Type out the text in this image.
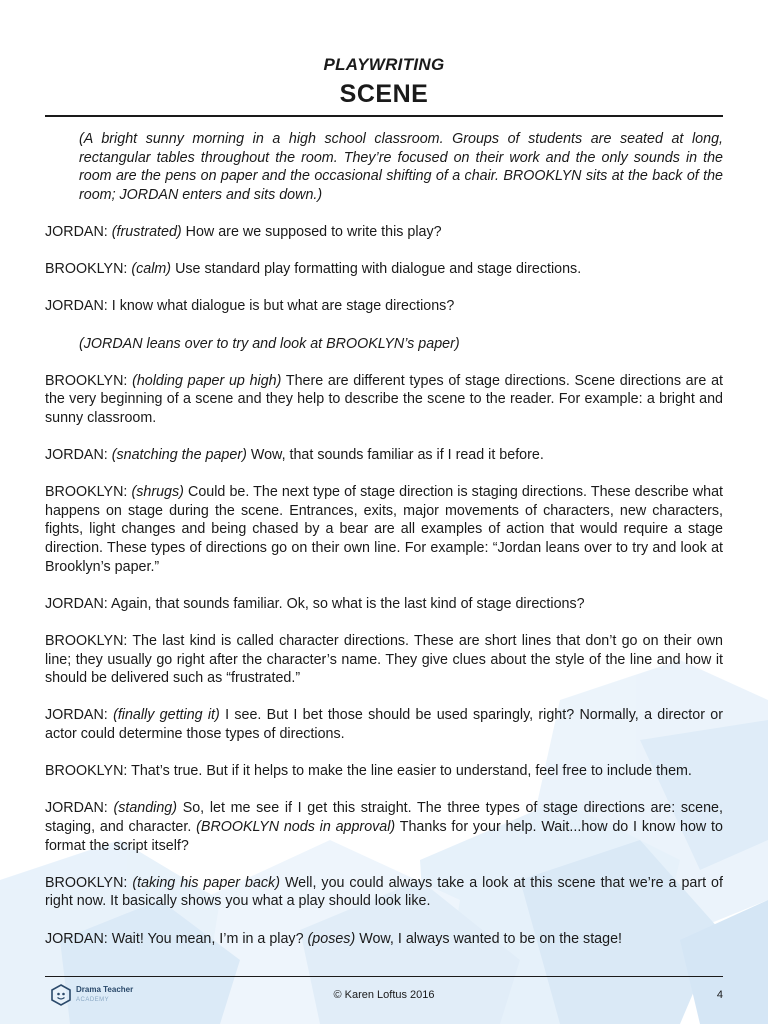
PLAYWRITING
SCENE

(A bright sunny morning in a high school classroom. Groups of students are seated at long, rectangular tables throughout the room. They’re focused on their work and the only sounds in the room are the pens on paper and the occasional shifting of a chair. BROOKLYN sits at the back of the room; JORDAN enters and sits down.)

JORDAN: (frustrated) How are we supposed to write this play?

BROOKLYN: (calm) Use standard play formatting with dialogue and stage directions.

JORDAN: I know what dialogue is but what are stage directions?

(JORDAN leans over to try and look at BROOKLYN’s paper)

BROOKLYN: (holding paper up high) There are different types of stage directions. Scene directions are at the very beginning of a scene and they help to describe the scene to the reader. For example: a bright and sunny classroom.

JORDAN: (snatching the paper) Wow, that sounds familiar as if I read it before.

BROOKLYN: (shrugs) Could be. The next type of stage direction is staging directions. These describe what happens on stage during the scene. Entrances, exits, major movements of characters, new characters, fights, light changes and being chased by a bear are all examples of action that would require a stage direction. These types of directions go on their own line. For example: “Jordan leans over to try and look at Brooklyn’s paper.”

JORDAN: Again, that sounds familiar. Ok, so what is the last kind of stage directions?

BROOKLYN: The last kind is called character directions. These are short lines that don’t go on their own line; they usually go right after the character’s name. They give clues about the style of the line and how it should be delivered such as “frustrated.”

JORDAN: (finally getting it) I see. But I bet those should be used sparingly, right? Normally, a director or actor could determine those types of directions.

BROOKLYN: That’s true. But if it helps to make the line easier to understand, feel free to include them.

JORDAN: (standing) So, let me see if I get this straight. The three types of stage directions are: scene, staging, and character. (BROOKLYN nods in approval) Thanks for your help. Wait...how do I know how to format the script itself?

BROOKLYN: (taking his paper back) Well, you could always take a look at this scene that we’re a part of right now. It basically shows you what a play should look like.

JORDAN: Wait! You mean, I’m in a play? (poses) Wow, I always wanted to be on the stage!

Drama Teacher
ACADEMY	© Karen Loftus 2016	4
